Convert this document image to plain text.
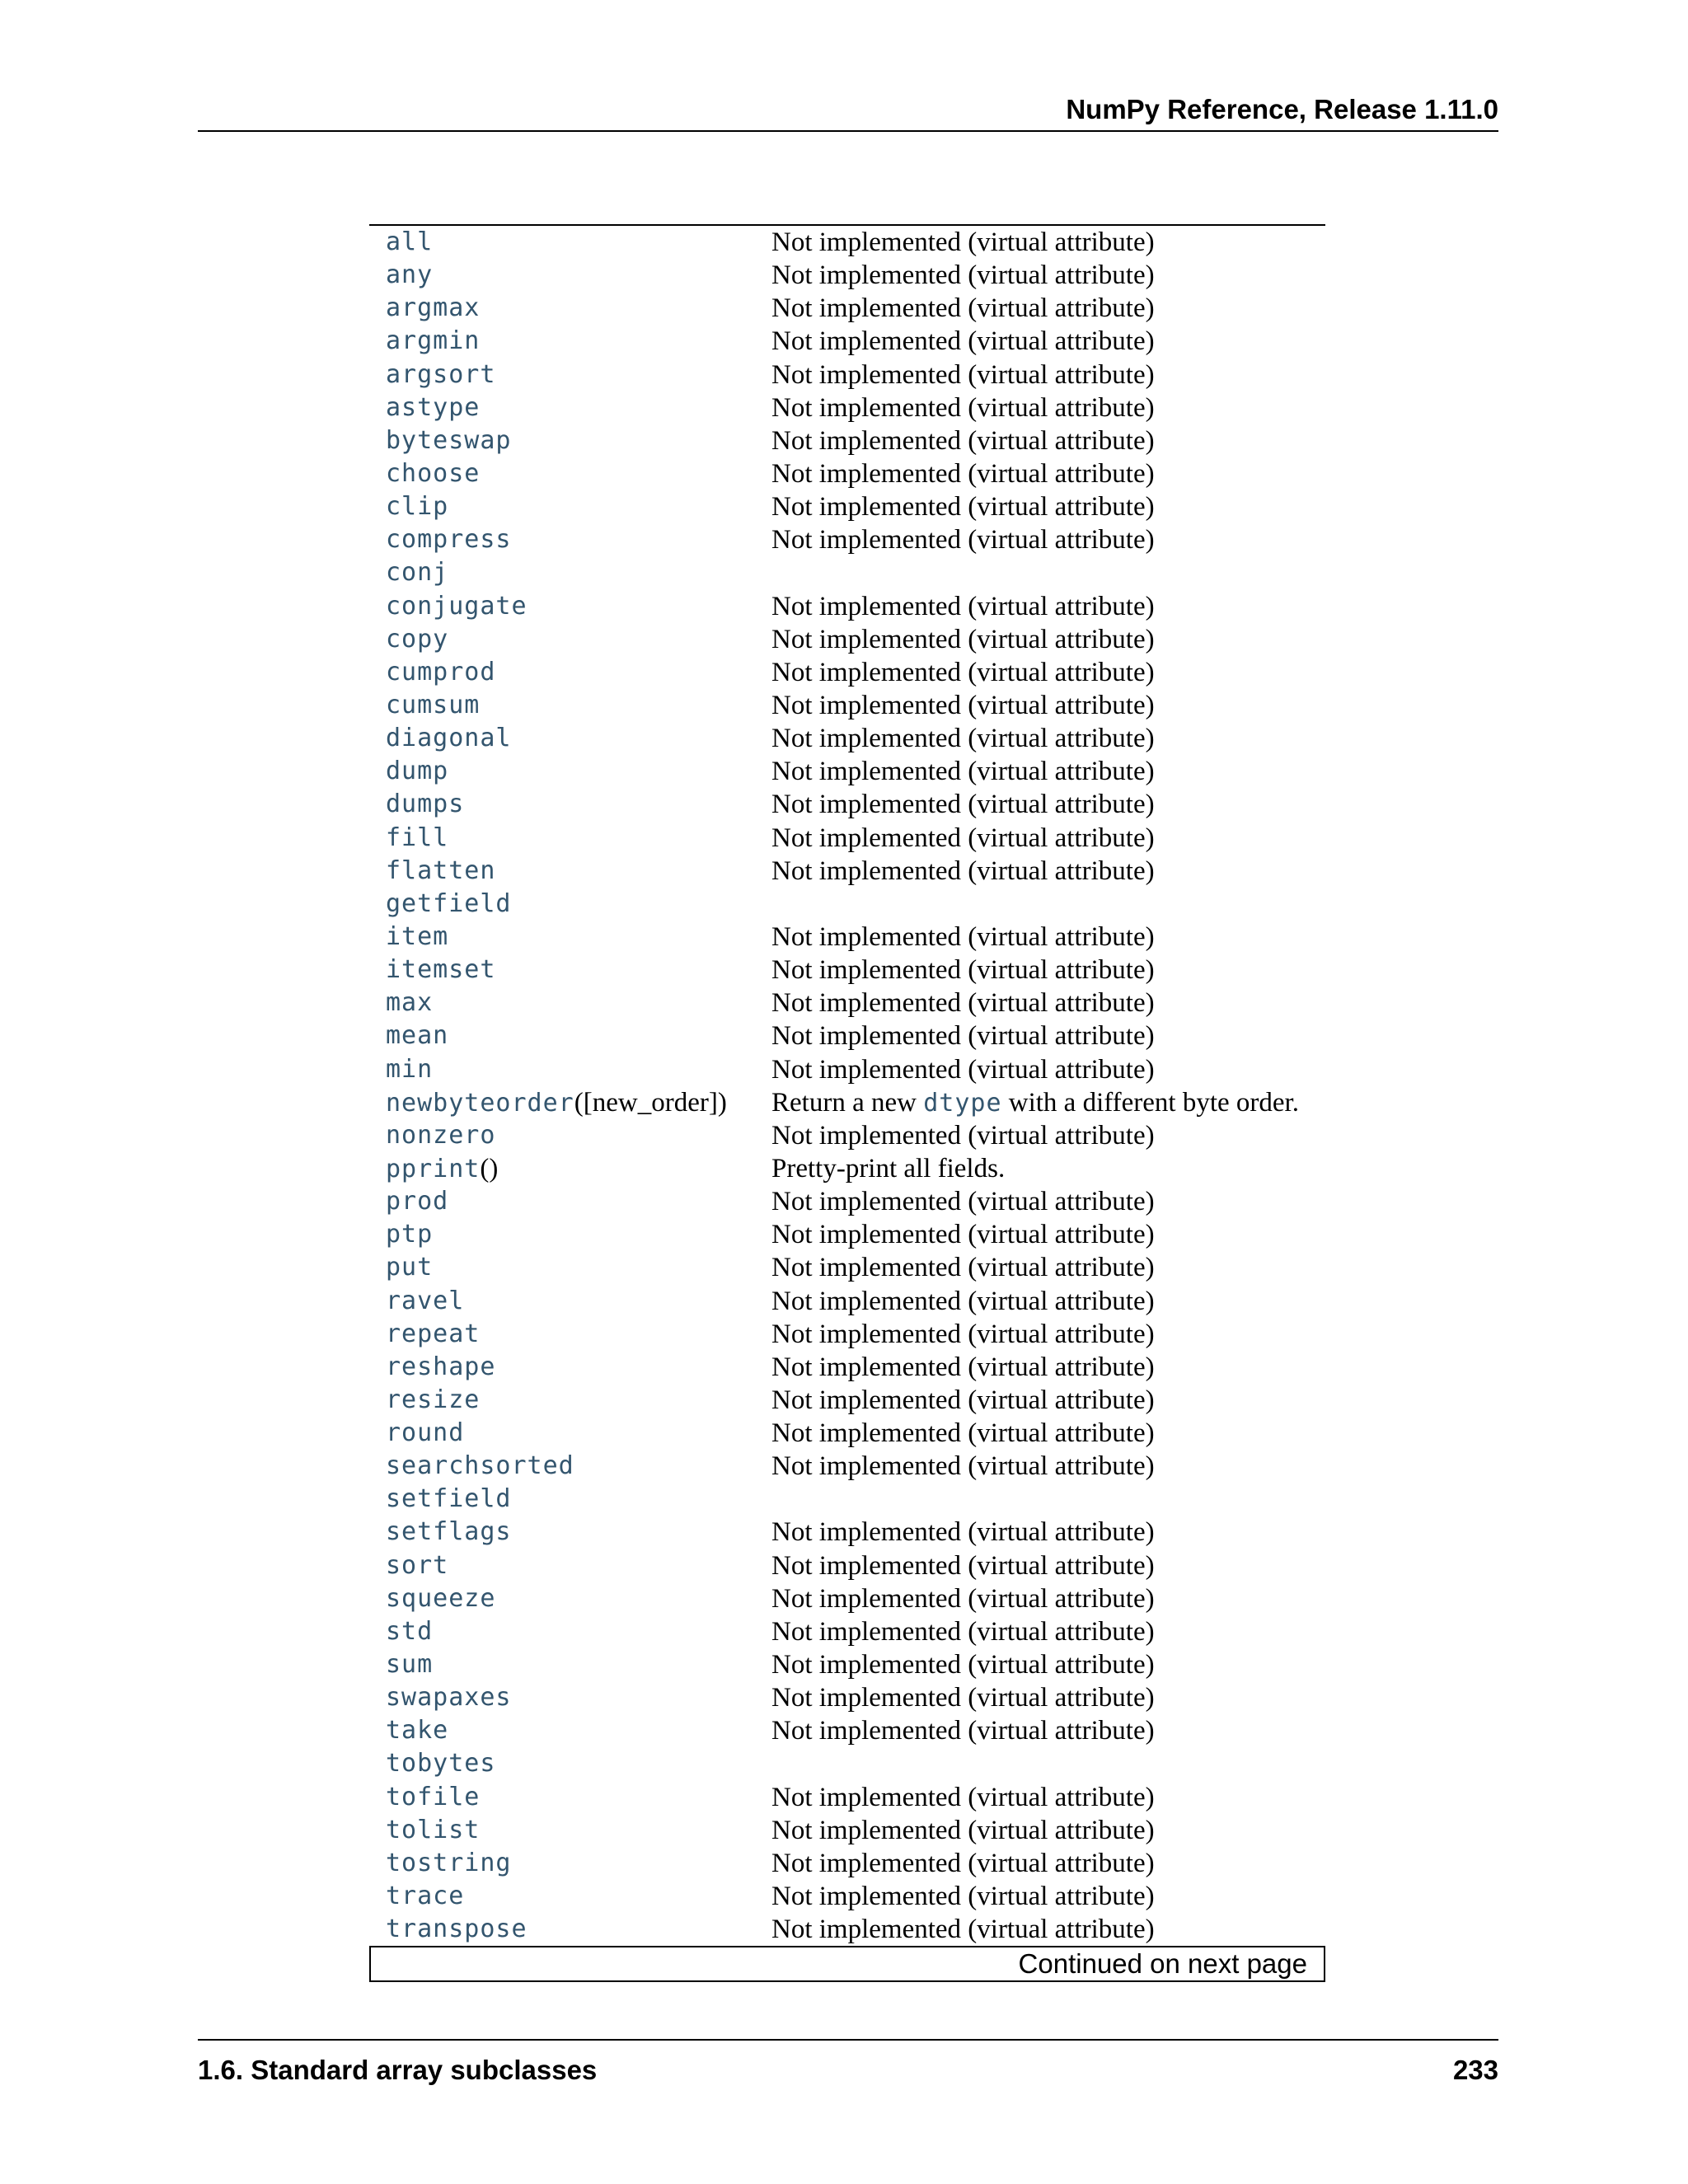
NumPy Reference, Release 1.11.0
all	Not implemented (virtual attribute)
any	Not implemented (virtual attribute)
argmax	Not implemented (virtual attribute)
argmin	Not implemented (virtual attribute)
argsort	Not implemented (virtual attribute)
astype	Not implemented (virtual attribute)
byteswap	Not implemented (virtual attribute)
choose	Not implemented (virtual attribute)
clip	Not implemented (virtual attribute)
compress	Not implemented (virtual attribute)
conj
conjugate	Not implemented (virtual attribute)
copy	Not implemented (virtual attribute)
cumprod	Not implemented (virtual attribute)
cumsum	Not implemented (virtual attribute)
diagonal	Not implemented (virtual attribute)
dump	Not implemented (virtual attribute)
dumps	Not implemented (virtual attribute)
fill	Not implemented (virtual attribute)
flatten	Not implemented (virtual attribute)
getfield
item	Not implemented (virtual attribute)
itemset	Not implemented (virtual attribute)
max	Not implemented (virtual attribute)
mean	Not implemented (virtual attribute)
min	Not implemented (virtual attribute)
newbyteorder([new_order]) Return a new dtype with a different byte order.
nonzero	Not implemented (virtual attribute)
pprint()	Pretty-print all fields.
prod	Not implemented (virtual attribute)
ptp	Not implemented (virtual attribute)
put	Not implemented (virtual attribute)
ravel	Not implemented (virtual attribute)
repeat	Not implemented (virtual attribute)
reshape	Not implemented (virtual attribute)
resize	Not implemented (virtual attribute)
round	Not implemented (virtual attribute)
searchsorted	Not implemented (virtual attribute)
setfield
setflags	Not implemented (virtual attribute)
sort	Not implemented (virtual attribute)
squeeze	Not implemented (virtual attribute)
std	Not implemented (virtual attribute)
sum	Not implemented (virtual attribute)
swapaxes	Not implemented (virtual attribute)
take	Not implemented (virtual attribute)
tobytes
tofile	Not implemented (virtual attribute)
tolist	Not implemented (virtual attribute)
tostring	Not implemented (virtual attribute)
trace	Not implemented (virtual attribute)
transpose	Not implemented (virtual attribute)
Continued on next page
1.6. Standard array subclasses	233
